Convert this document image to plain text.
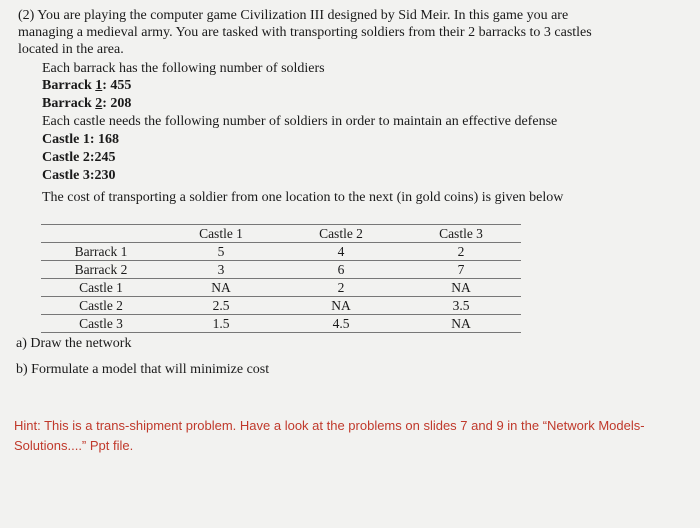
(2) You are playing the computer game Civilization III designed by Sid Meir. In this game you are
managing a medieval army. You are tasked with transporting soldiers from their 2 barracks to 3 castles
located in the area.
Each barrack has the following number of soldiers
Barrack 1: 455
Barrack 2: 208
Each castle needs the following number of soldiers in order to maintain an effective defense
Castle 1: 168
Castle 2:245
Castle 3:230
The cost of transporting a soldier from one location to the next (in gold coins) is given below
	Castle 1	Castle 2	Castle 3
Barrack 1	5	4	2
Barrack 2	3	6	7
Castle 1	NA	2	NA
Castle 2	2.5	NA	3.5
Castle 3	1.5	4.5	NA
a) Draw the network
b) Formulate a model that will minimize cost
Hint: This is a trans-shipment problem. Have a look at the problems on slides 7 and 9 in the “Network Models-Solutions....” Ppt file.
